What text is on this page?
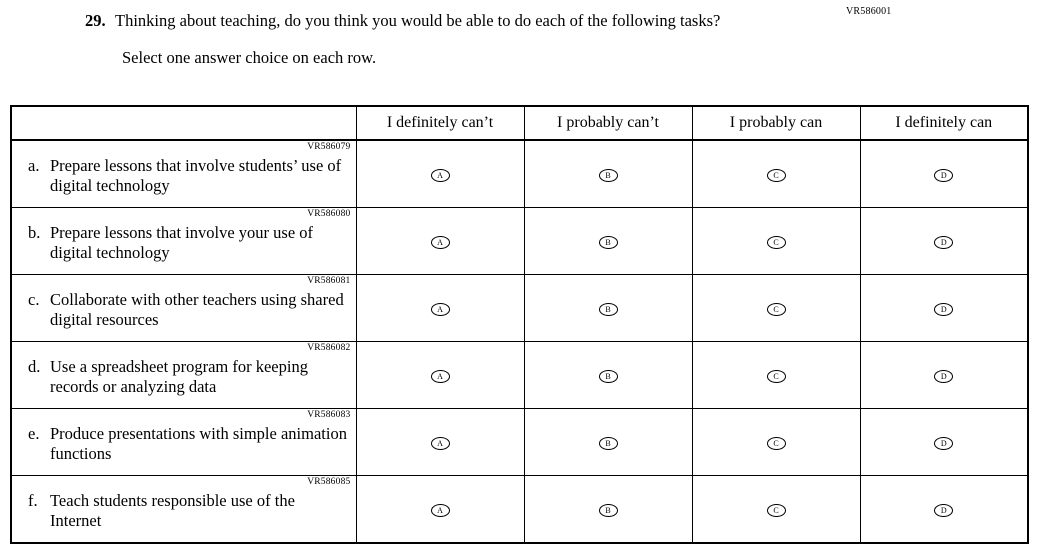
VR586001
29. Thinking about teaching, do you think you would be able to do each of the following tasks?
Select one answer choice on each row.
	I definitely can’t	I probably can’t	I probably can	I definitely can

VR586079
a. Prepare lessons that involve students’ use of digital technology	A	B	C	D

VR586080
b. Prepare lessons that involve your use of digital technology	A	B	C	D

VR586081
c. Collaborate with other teachers using shared digital resources	A	B	C	D

VR586082
d. Use a spreadsheet program for keeping records or analyzing data	A	B	C	D

VR586083
e. Produce presentations with simple animation functions	A	B	C	D

VR586085
f. Teach students responsible use of the Internet	A	B	C	D
